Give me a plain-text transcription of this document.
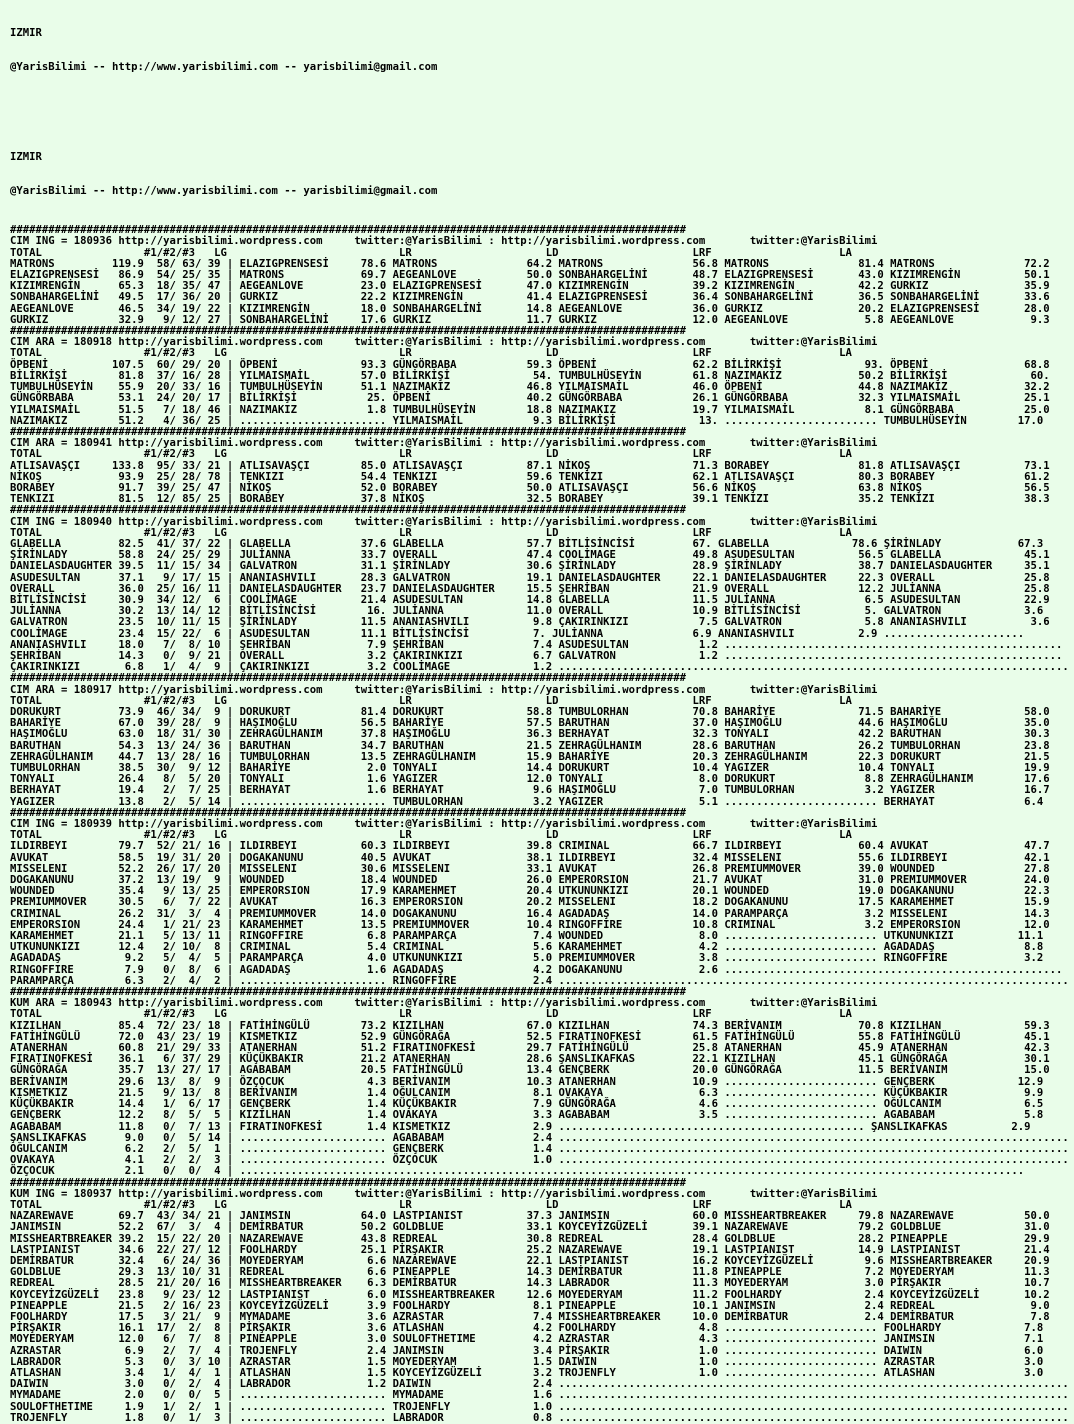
IZMIR

@YarisBilimi -- http://www.yarisbilimi.com -- yarisbilimi@gmail.com

IZMIR

@YarisBilimi -- http://www.yarisbilimi.com -- yarisbilimi@gmail.com

##########################################################################################################
CIM ING = 180936 http://yarisbilimi.wordpress.com     twitter:@YarisBilimi : http://yarisbilimi.wordpress.com       twitter:@YarisBilimi
TOTAL                #1/#2/#3   LG                           LR                     LD                     LRF                    LA
MATRONS         119.9  58/ 63/ 39 | ELAZIGPRENSESİ     78.6 MATRONS              64.2 MATRONS              56.8 MATRONS              81.4 MATRONS              72.2
ELAZIGPRENSESİ   86.9  54/ 25/ 35 | MATRONS            69.7 AEGEANLOVE           50.0 SONBAHARGELİNİ       48.7 ELAZIGPRENSESİ       43.0 KIZIMRENGİN          50.1
KIZIMRENGİN      65.3  18/ 35/ 47 | AEGEANLOVE         23.0 ELAZIGPRENSESİ       47.0 KIZIMRENGİN          39.2 KIZIMRENGİN          42.2 GURKIZ               35.9
SONBAHARGELİNİ   49.5  17/ 36/ 20 | GURKIZ             22.2 KIZIMRENGİN          41.4 ELAZIGPRENSESİ       36.4 SONBAHARGELİNİ       36.5 SONBAHARGELİNİ       33.6
AEGEANLOVE       46.5  34/ 19/ 22 | KIZIMRENGİN        18.0 SONBAHARGELİNİ       14.8 AEGEANLOVE           36.0 GURKIZ               20.2 ELAZIGPRENSESİ       28.0
GURKIZ           32.9   9/ 12/ 27 | SONBAHARGELİNİ     17.6 GURKIZ               11.7 GURKIZ               12.0 AEGEANLOVE            5.8 AEGEANLOVE            9.3
##########################################################################################################
CIM ARA = 180918 http://yarisbilimi.wordpress.com     twitter:@YarisBilimi : http://yarisbilimi.wordpress.com       twitter:@YarisBilimi
TOTAL                #1/#2/#3   LG                           LR                     LD                     LRF                    LA
ÖPBENİ          107.5  60/ 29/ 20 | ÖPBENİ             93.3 GÜNGÖRBABA           59.3 ÖPBENİ               62.2 BİLİRKİŞİ             93. ÖPBENİ               68.8
BİLİRKİŞİ        81.8  37/ 16/ 28 | YILMAISMAİL        57.0 BİLİRKİŞİ             54. TUMBULHÜSEYİN        61.8 NAZIMAKIZ            50.2 BİLİRKİŞİ             60.
TUMBULHÜSEYİN    55.9  20/ 33/ 16 | TUMBULHÜSEYİN      51.1 NAZIMAKIZ            46.8 YILMAISMAİL          46.0 ÖPBENİ               44.8 NAZIMAKIZ            32.2
GÜNGÖRBABA       53.1  24/ 20/ 17 | BİLİRKİŞİ           25. ÖPBENİ               40.2 GÜNGÖRBABA           26.1 GÜNGÖRBABA           32.3 YILMAISMAİL          25.1
YILMAISMAİL      51.5   7/ 18/ 46 | NAZIMAKIZ           1.8 TUMBULHÜSEYİN        18.8 NAZIMAKIZ            19.7 YILMAISMAİL           8.1 GÜNGÖRBABA           25.0
NAZIMAKIZ        51.2   4/ 36/ 25 | ....................... YILMAISMAİL           9.3 BİLİRKİŞİ             13. ........................ TUMBULHÜSEYİN        17.0
##########################################################################################################
CIM ARA = 180941 http://yarisbilimi.wordpress.com     twitter:@YarisBilimi : http://yarisbilimi.wordpress.com       twitter:@YarisBilimi
TOTAL                #1/#2/#3   LG                           LR                     LD                     LRF                    LA
ATLISAVAŞÇI     133.8  95/ 33/ 21 | ATLISAVAŞÇI        85.0 ATLISAVAŞÇI          87.1 NİKOŞ                71.3 BORABEY              81.8 ATLISAVAŞÇI          73.1
NİKOŞ            93.9  25/ 28/ 78 | TENKIZI            54.4 TENKIZI              59.6 TENKİZI              62.1 ATLISAVAŞÇI          80.3 BORABEY              61.2
BORABEY          91.7  39/ 25/ 47 | NİKOŞ              52.0 BORABEY              50.0 ATLISAVAŞÇI          56.6 NİKOŞ                63.8 NİKOŞ                56.5
TENKIZI          81.5  12/ 85/ 25 | BORABEY            37.8 NİKOŞ                32.5 BORABEY              39.1 TENKIZI              35.2 TENKİZI              38.3
##########################################################################################################
CIM ING = 180940 http://yarisbilimi.wordpress.com     twitter:@YarisBilimi : http://yarisbilimi.wordpress.com       twitter:@YarisBilimi
TOTAL                #1/#2/#3   LG                           LR                     LD                     LRF                    LA
GLABELLA         82.5  41/ 37/ 22 | GLABELLA           37.6 GLABELLA             57.7 BİTLİSİNCİSİ         67. GLABELLA             78.6 ŞİRİNLADY            67.3
ŞİRİNLADY        58.8  24/ 25/ 29 | JULİANNA           33.7 OVERALL              47.4 COOLİMAGE            49.8 ASUDESULTAN          56.5 GLABELLA             45.1
DANIELASDAUGHTER 39.5  11/ 15/ 34 | GALVATRON          31.1 ŞİRİNLADY            30.6 ŞİRİNLADY            28.9 ŞİRİNLADY            38.7 DANIELASDAUGHTER     35.1
ASUDESULTAN      37.1   9/ 17/ 15 | ANANIASHVILI       28.3 GALVATRON            19.1 DANIELASDAUGHTER     22.1 DANIELASDAUGHTER     22.3 OVERALL              25.8
OVERALL          36.0  25/ 16/ 11 | DANIELASDAUGHTER   23.7 DANIELASDAUGHTER     15.5 ŞEHRİBAN             21.9 OVERALL              12.2 JULİANNA             25.8
BİTLİSİNCİSİ     30.9  34/ 12/  6 | COOLİMAGE          21.4 ASUDESULTAN          14.8 GLABELLA             11.5 JULİANNA              6.5 ASUDESULTAN          22.9
JULİANNA         30.2  13/ 14/ 12 | BİTLİSİNCİSİ        16. JULİANNA             11.0 OVERALL              10.9 BİTLİSİNCİSİ          5. GALVATRON             3.6
GALVATRON        23.5  10/ 11/ 15 | ŞİRİNLADY          11.5 ANANIASHVILI          9.8 ÇAKIRINKIZI           7.5 GALVATRON             5.8 ANANIASHVILI          3.6
COOLİMAGE        23.4  15/ 22/  6 | ASUDESULTAN        11.1 BİTLİSİNCİSİ          7. JULİANNA              6.9 ANANIASHVILI          2.9 ......................
ANANIASHVILI     18.0   7/  8/ 10 | ŞEHRİBAN            7.9 ŞEHRİBAN              7.4 ASUDESULTAN           1.2 .....................................................
ŞEHRİBAN         14.3   0/  9/ 21 | OVERALL             3.2 ÇAKIRINKIZI           6.7 GALVATRON             1.2 .....................................................
ÇAKIRINKIZI       6.8   1/  4/  9 | ÇAKIRINKIZI         3.2 COOLİMAGE             1.2 ................................................................................
##########################################################################################################
CIM ARA = 180917 http://yarisbilimi.wordpress.com     twitter:@YarisBilimi : http://yarisbilimi.wordpress.com       twitter:@YarisBilimi
TOTAL                #1/#2/#3   LG                           LR                     LD                     LRF                    LA
DORUKURT         73.9  46/ 34/  9 | DORUKURT           81.4 DORUKURT             58.8 TUMBULORHAN          70.8 BAHARİYE             71.5 BAHARİYE             58.0
BAHARİYE         67.0  39/ 28/  9 | HAŞIMOĞLU          56.5 BAHARİYE             57.5 BARUTHAN             37.0 HAŞIMOĞLU            44.6 HAŞIMOĞLU            35.0
HAŞIMOĞLU        63.0  18/ 31/ 30 | ZEHRAGÜLHANIM      37.8 HAŞIMOĞLU            36.3 BERHAYAT             32.3 TONYALI              42.2 BARUTHAN             30.3
BARUTHAN         54.3  13/ 24/ 36 | BARUTHAN           34.7 BARUTHAN             21.5 ZEHRAGÜLHANIM        28.6 BARUTHAN             26.2 TUMBULORHAN          23.8
ZEHRAGÜLHANIM    44.7  13/ 28/ 16 | TUMBULORHAN        13.5 ZEHRAGÜLHANIM        15.9 BAHARİYE             20.3 ZEHRAGÜLHANIM        22.3 DORUKURT             21.5
TUMBULORHAN      38.5  30/  9/ 12 | BAHARİYE            2.0 TONYALI              14.4 DORUKURT             10.4 YAGIZER              10.4 TONYALI              19.9
TONYALI          26.4   8/  5/ 20 | TONYALI             1.6 YAGIZER              12.0 TONYALI               8.0 DORUKURT              8.8 ZEHRAGÜLHANIM        17.6
BERHAYAT         19.4   2/  7/ 25 | BERHAYAT            1.6 BERHAYAT              9.6 HAŞIMOĞLU             7.0 TUMBULORHAN           3.2 YAGIZER              16.7
YAGIZER          13.8   2/  5/ 14 | ....................... TUMBULORHAN           3.2 YAGIZER               5.1 ........................ BERHAYAT              6.4
##########################################################################################################
CIM ING = 180939 http://yarisbilimi.wordpress.com     twitter:@YarisBilimi : http://yarisbilimi.wordpress.com       twitter:@YarisBilimi
TOTAL                #1/#2/#3   LG                           LR                     LD                     LRF                    LA
ILDIRBEYI        79.7  52/ 21/ 16 | ILDIRBEYI          60.3 ILDIRBEYI            39.8 CRIMINAL             66.7 ILDIRBEYI            60.4 AVUKAT               47.7
AVUKAT           58.5  19/ 31/ 20 | DOGAKANUNU         40.5 AVUKAT               38.1 ILDIRBEYI            32.4 MISSELENI            55.6 ILDIRBEYI            42.1
MISSELENI        52.2  26/ 17/ 20 | MISSELENI          30.6 MISSELENI            33.1 AVUKAT               26.8 PREMIUMMOVER         39.0 WOUNDED              27.8
DOGAKANUNU       37.2  13/ 19/  9 | WOUNDED            18.4 WOUNDED              26.0 EMPERORSION          21.7 AVUKAT               31.0 PREMIUMMOVER         24.0
WOUNDED          35.4   9/ 13/ 25 | EMPERORSION        17.9 KARAMEHMET           20.4 UTKUNUNKIZI          20.1 WOUNDED              19.0 DOGAKANUNU           22.3
PREMIUMMOVER     30.5   6/  7/ 22 | AVUKAT             16.3 EMPERORSION          20.2 MISSELENI            18.2 DOGAKANUNU           17.5 KARAMEHMET           15.9
CRIMINAL         26.2  31/  3/  4 | PREMIUMMOVER       14.0 DOGAKANUNU           16.4 AGADADAŞ             14.0 PARAMPARÇA            3.2 MISSELENI            14.3
EMPERORSION      24.4   1/ 21/ 23 | KARAMEHMET         13.5 PREMIUMMOVER         10.4 RINGOFFIRE           10.8 CRIMINAL              3.2 EMPERORSION          12.0
KARAMEHMET       21.1   5/ 13/ 11 | RINGOFFIRE          6.8 PARAMPARÇA            7.4 WOUNDED               8.0 ........................ UTKUNUNKIZI          11.1
UTKUNUNKIZI      12.4   2/ 10/  8 | CRIMINAL            5.4 CRIMINAL              5.6 KARAMEHMET            4.2 ........................ AGADADAŞ              8.8
AGADADAŞ          9.2   5/  4/  5 | PARAMPARÇA          4.0 UTKUNUNKIZI           5.0 PREMIUMMOVER          3.8 ........................ RINGOFFIRE            3.2
RINGOFFIRE        7.9   0/  8/  6 | AGADADAŞ            1.6 AGADADAŞ              4.2 DOGAKANUNU            2.6 .....................................................
PARAMPARÇA        6.3   2/  4/  2 | ....................... RINGOFFIRE            2.4 ................................................................................
##########################################################################################################
KUM ARA = 180943 http://yarisbilimi.wordpress.com     twitter:@YarisBilimi : http://yarisbilimi.wordpress.com       twitter:@YarisBilimi
TOTAL                #1/#2/#3   LG                           LR                     LD                     LRF                    LA
KIZILHAN         85.4  72/ 23/ 18 | FATİHİNGÜLÜ        73.2 KIZILHAN             67.0 KIZILHAN             74.3 BERİVANIM            70.8 KIZILHAN             59.3
FATİHİNGÜLÜ      72.0  43/ 23/ 19 | KISMETKIZ          52.9 GÜNGÖRAĞA            52.5 FIRATINOFKESİ        61.5 FATİHİNGÜLÜ          55.8 FATİHİNGÜLÜ          45.1
ATANERHAN        60.8  21/ 29/ 33 | ATANERHAN          51.2 FIRATINOFKESİ        29.7 FATİHİNGÜLÜ          25.8 ATANERHAN            45.9 ATANERHAN            42.3
FIRATINOFKESİ    36.1   6/ 37/ 29 | KÜÇÜKBAKIR         21.2 ATANERHAN            28.6 ŞANSLIKAFKAS         22.1 KIZILHAN             45.1 GÜNGÖRAĞA            30.1
GÜNGÖRAĞA        35.7  13/ 27/ 17 | AGABABAM           20.5 FATİHİNGÜLÜ          13.4 GENÇBERK             20.0 GÜNGÖRAĞA            11.5 BERİVANIM            15.0
BERİVANIM        29.6  13/  8/  9 | ÖZÇOCUK             4.3 BERİVANIM            10.3 ATANERHAN            10.9 ........................ GENÇBERK             12.9
KISMETKIZ        21.5   9/ 13/  8 | BERİVANIM           1.4 OĞULCANIM             8.1 OVAKAYA               6.3 ........................ KÜÇÜKBAKIR            9.9
KÜÇÜKBAKIR       14.4   1/  6/ 17 | GENÇBERK            1.4 KÜÇÜKBAKIR            7.9 GÜNGÖRAĞA             4.6 ........................ OĞULCANIM             6.5
GENÇBERK         12.2   8/  5/  5 | KIZILHAN            1.4 OVAKAYA               3.3 AGABABAM              3.5 ........................ AGABABAM              5.8
AGABABAM         11.8   0/  7/ 13 | FIRATINOFKESİ       1.4 KISMETKIZ             2.9 ................................................ ŞANSLIKAFKAS          2.9
ŞANSLIKAFKAS      9.0   0/  5/ 14 | ....................... AGABABAM              2.4 ................................................................................
OĞULCANIM         6.2   2/  5/  1 | ....................... GENÇBERK              1.4 ................................................................................
OVAKAYA           4.1   2/  2/  3 | ....................... ÖZÇOCUK               1.0 ................................................................................
ÖZÇOCUK           2.1   0/  0/  4 | ...........................................................................................................................
##########################################################################################################
KUM ING = 180937 http://yarisbilimi.wordpress.com     twitter:@YarisBilimi : http://yarisbilimi.wordpress.com       twitter:@YarisBilimi
TOTAL                #1/#2/#3   LG                           LR                     LD                     LRF                    LA
NAZAREWAVE       69.7  43/ 34/ 21 | JANIMSIN           64.0 LASTPIANIST          37.3 JANIMSIN             60.0 MISSHEARTBREAKER     79.8 NAZAREWAVE           50.0
JANIMSIN         52.2  67/  3/  4 | DEMİRBATUR         50.2 GOLDBLUE             33.1 KOYCEYİZGÜZELİ       39.1 NAZAREWAVE           79.2 GOLDBLUE             31.0
MISSHEARTBREAKER 39.2  15/ 22/ 20 | NAZAREWAVE         43.8 REDREAL              30.8 REDREAL              28.4 GOLDBLUE             28.2 PINEAPPLE            29.9
LASTPIANIST      34.6  22/ 27/ 12 | FOOLHARDY          25.1 PİRŞAKIR             25.2 NAZAREWAVE           19.1 LASTPIANIST          14.9 LASTPIANIST          21.4
DEMİRBATUR       32.4   6/ 24/ 36 | MOYEDERYAM          6.6 NAZAREWAVE           22.1 LASTPIANIST          16.2 KOYCEYİZGÜZELİ        9.6 MISSHEARTBREAKER     20.9
GOLDBLUE         29.3  13/ 10/ 31 | REDREAL             6.6 PINEAPPLE            14.3 DEMİRBATUR           11.8 PINEAPPLE             7.2 MOYEDERYAM           11.3
REDREAL          28.5  21/ 20/ 16 | MISSHEARTBREAKER    6.3 DEMİRBATUR           14.3 LABRADOR             11.3 MOYEDERYAM            3.0 PİRŞAKIR             10.7
KOYCEYİZGÜZELİ   23.8   9/ 23/ 12 | LASTPIANIST         6.0 MISSHEARTBREAKER     12.6 MOYEDERYAM           11.2 FOOLHARDY             2.4 KOYCEYİZGÜZELİ       10.2
PINEAPPLE        21.5   2/ 16/ 23 | KOYCEYİZGÜZELİ      3.9 FOOLHARDY             8.1 PINEAPPLE            10.1 JANIMSIN              2.4 REDREAL               9.0
FOOLHARDY        17.5   3/ 21/  9 | MYMADAME            3.6 AZRASTAR              7.4 MISSHEARTBREAKER     10.0 DEMİRBATUR            2.4 DEMİRBATUR            7.8
PİRŞAKIR         16.1  17/  2/  8 | PİRŞAKIR            3.6 ATLASHAN              4.2 FOOLHARDY             4.8 ........................ FOOLHARDY             7.8
MOYEDERYAM       12.0   6/  7/  8 | PINEAPPLE           3.0 SOULOFTHETIME         4.2 AZRASTAR              4.3 ........................ JANIMSIN              7.1
AZRASTAR          6.9   2/  7/  4 | TROJENFLY           2.4 JANIMSIN              3.4 PİRŞAKIR              1.0 ........................ DAIWIN                6.0
LABRADOR          5.3   0/  3/ 10 | AZRASTAR            1.5 MOYEDERYAM            1.5 DAIWIN                1.0 ........................ AZRASTAR              3.0
ATLASHAN          3.4   1/  4/  1 | ATLASHAN            1.5 KOYCEYİZGÜZELİ        3.2 TROJENFLY             1.0 ........................ ATLASHAN              3.0
DAIWIN            3.0   0/  2/  4 | LABRADOR            1.2 DAIWIN                2.4 ................................................................................
MYMADAME          2.0   0/  0/  5 | ....................... MYMADAME              1.6 ................................................................................
SOULOFTHETIME     1.9   1/  2/  1 | ....................... TROJENFLY             1.0 ................................................................................
TROJENFLY         1.8   0/  1/  3 | ....................... LABRADOR              0.8 ................................................................................
